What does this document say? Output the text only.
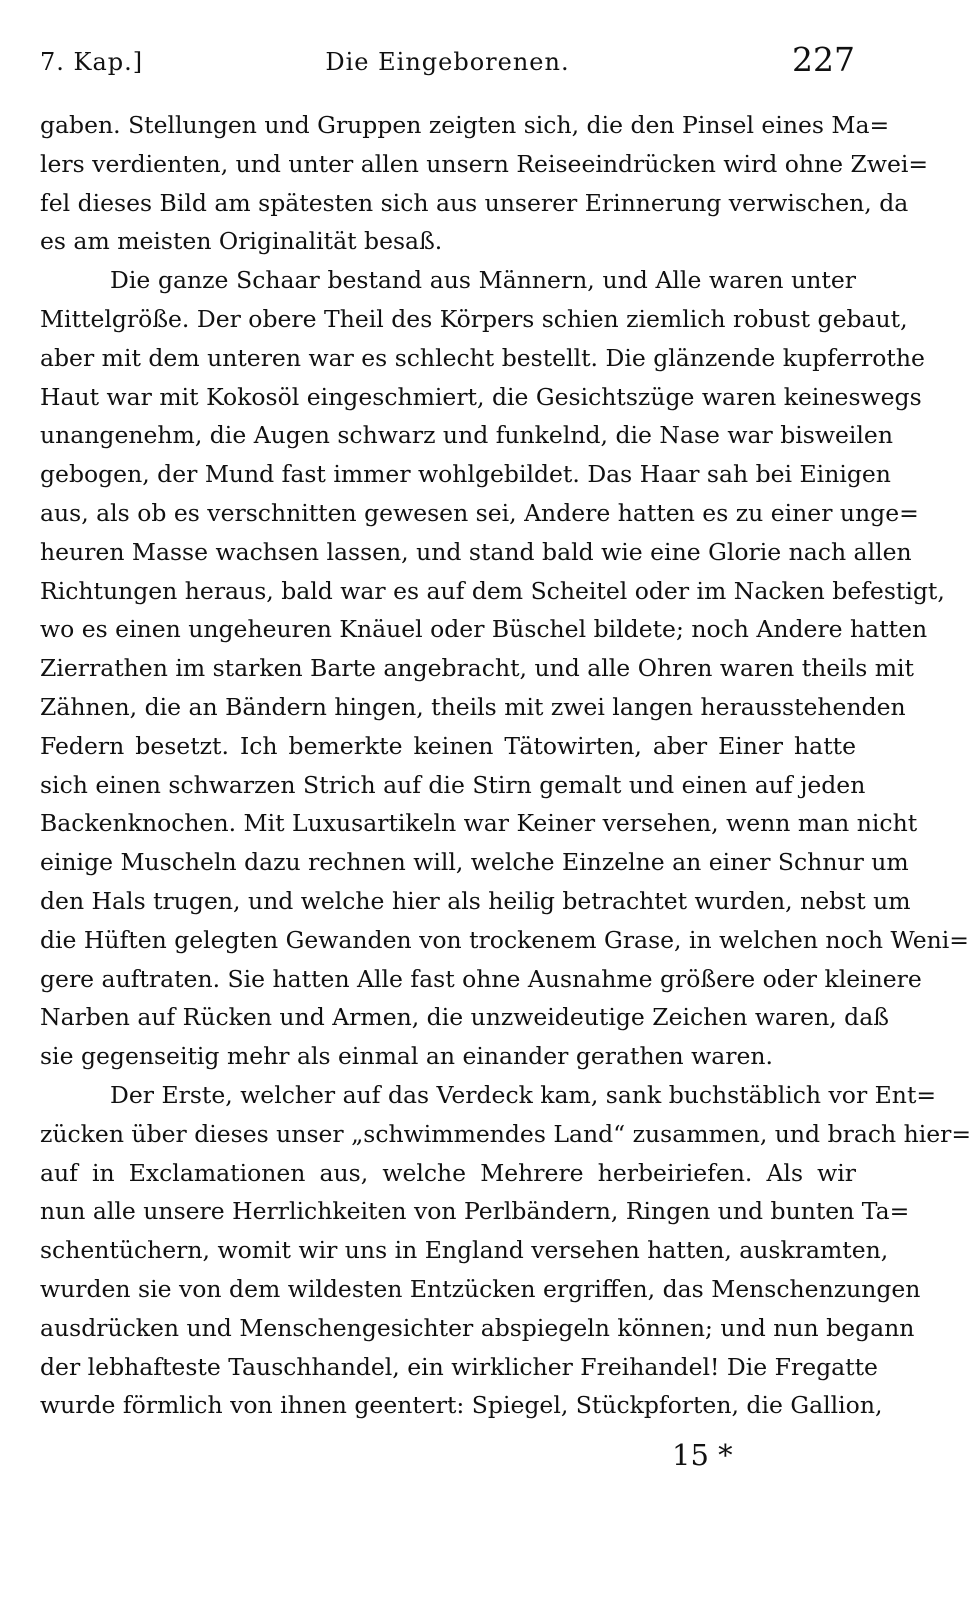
7. Kap.]	Die Eingeborenen.	227
gaben. Stellungen und Gruppen zeigten sich, die den Pinsel eines Ma=
lers verdienten, und unter allen unsern Reiseeindrücken wird ohne Zwei=
fel dieses Bild am spätesten sich aus unserer Erinnerung verwischen, da
es am meisten Originalität besaß.
Die ganze Schaar bestand aus Männern, und Alle waren unter
Mittelgröße. Der obere Theil des Körpers schien ziemlich robust gebaut,
aber mit dem unteren war es schlecht bestellt. Die glänzende kupferrothe
Haut war mit Kokosöl eingeschmiert, die Gesichtszüge waren keineswegs
unangenehm, die Augen schwarz und funkelnd, die Nase war bisweilen
gebogen, der Mund fast immer wohlgebildet. Das Haar sah bei Einigen
aus, als ob es verschnitten gewesen sei, Andere hatten es zu einer unge=
heuren Masse wachsen lassen, und stand bald wie eine Glorie nach allen
Richtungen heraus, bald war es auf dem Scheitel oder im Nacken befestigt,
wo es einen ungeheuren Knäuel oder Büschel bildete; noch Andere hatten
Zierrathen im starken Barte angebracht, und alle Ohren waren theils mit
Zähnen, die an Bändern hingen, theils mit zwei langen herausstehenden
Federn besetzt. Ich bemerkte keinen Tätowirten, aber Einer hatte
sich einen schwarzen Strich auf die Stirn gemalt und einen auf jeden
Backenknochen. Mit Luxusartikeln war Keiner versehen, wenn man nicht
einige Muscheln dazu rechnen will, welche Einzelne an einer Schnur um
den Hals trugen, und welche hier als heilig betrachtet wurden, nebst um
die Hüften gelegten Gewanden von trockenem Grase, in welchen noch Weni=
gere auftraten. Sie hatten Alle fast ohne Ausnahme größere oder kleinere
Narben auf Rücken und Armen, die unzweideutige Zeichen waren, daß
sie gegenseitig mehr als einmal an einander gerathen waren.
Der Erste, welcher auf das Verdeck kam, sank buchstäblich vor Ent=
zücken über dieses unser „schwimmendes Land“ zusammen, und brach hier=
auf in Exclamationen aus, welche Mehrere herbeiriefen. Als wir
nun alle unsere Herrlichkeiten von Perlbändern, Ringen und bunten Ta=
schentüchern, womit wir uns in England versehen hatten, auskramten,
wurden sie von dem wildesten Entzücken ergriffen, das Menschenzungen
ausdrücken und Menschengesichter abspiegeln können; und nun begann
der lebhafteste Tauschhandel, ein wirklicher Freihandel! Die Fregatte
wurde förmlich von ihnen geentert: Spiegel, Stückpforten, die Gallion,
15 *
